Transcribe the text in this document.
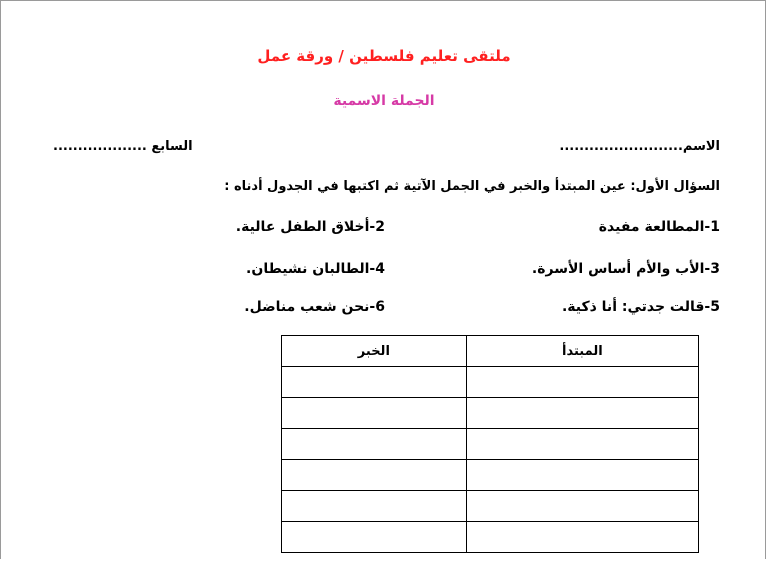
ملتقى تعليم فلسطين / ورقة عمل
الجملة الاسمية
الاسم.........................
السابع ...................
السؤال الأول: عين المبتدأ والخبر في الجمل الآتية ثم اكتبها في الجدول أدناه :
1-المطالعة مفيدة
2-أخلاق الطفل عالية.
3-الأب والأم أساس الأسرة.
4-الطالبان نشيطان.
5-قالت جدتي: أنا ذكية.
6-نحن شعب مناضل.
المبتدأ	الخبر
